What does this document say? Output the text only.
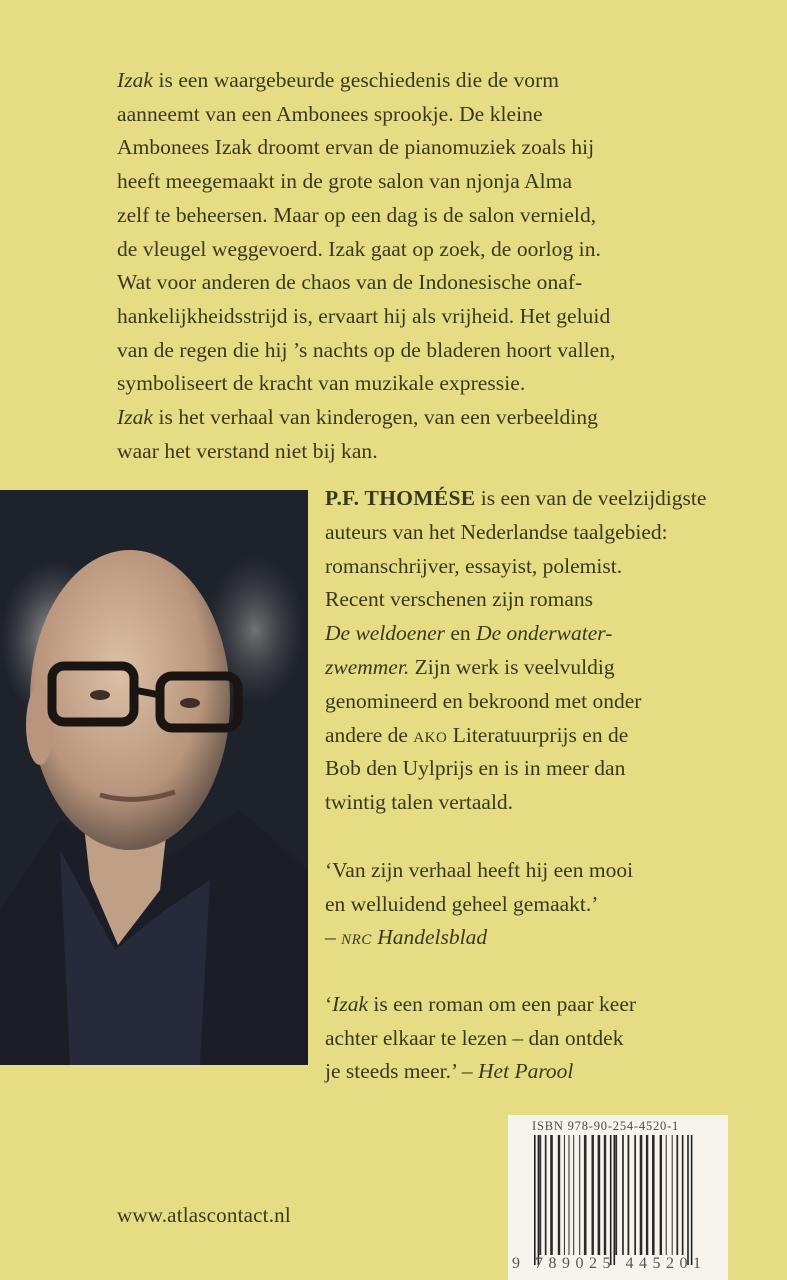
Izak is een waargebeurde geschiedenis die de vorm
aanneemt van een Ambonees sprookje. De kleine
Ambonees Izak droomt ervan de pianomuziek zoals hij
heeft meegemaakt in de grote salon van njonja Alma
zelf te beheersen. Maar op een dag is de salon vernield,
de vleugel weggevoerd. Izak gaat op zoek, de oorlog in.
Wat voor anderen de chaos van de Indonesische onaf-
hankelijkheidsstrijd is, ervaart hij als vrijheid. Het geluid
van de regen die hij ’s nachts op de bladeren hoort vallen,
symboliseert de kracht van muzikale expressie.
Izak is het verhaal van kinderogen, van een verbeelding
waar het verstand niet bij kan.
P.F. THOMÉSE is een van de veelzijdigste
auteurs van het Nederlandse taalgebied:
romanschrijver, essayist, polemist.
Recent verschenen zijn romans
De weldoener en De onderwater-
zwemmer. Zijn werk is veelvuldig
genomineerd en bekroond met onder
andere de ako Literatuurprijs en de
Bob den Uylprijs en is in meer dan
twintig talen vertaald.
‘Van zijn verhaal heeft hij een mooi
en welluidend geheel gemaakt.’
– nrc Handelsblad
‘Izak is een roman om een paar keer
achter elkaar te lezen – dan ontdek
je steeds meer.’ – Het Parool
www.atlascontact.nl
ISBN 978-90-254-4520-1
9 789025 445201
